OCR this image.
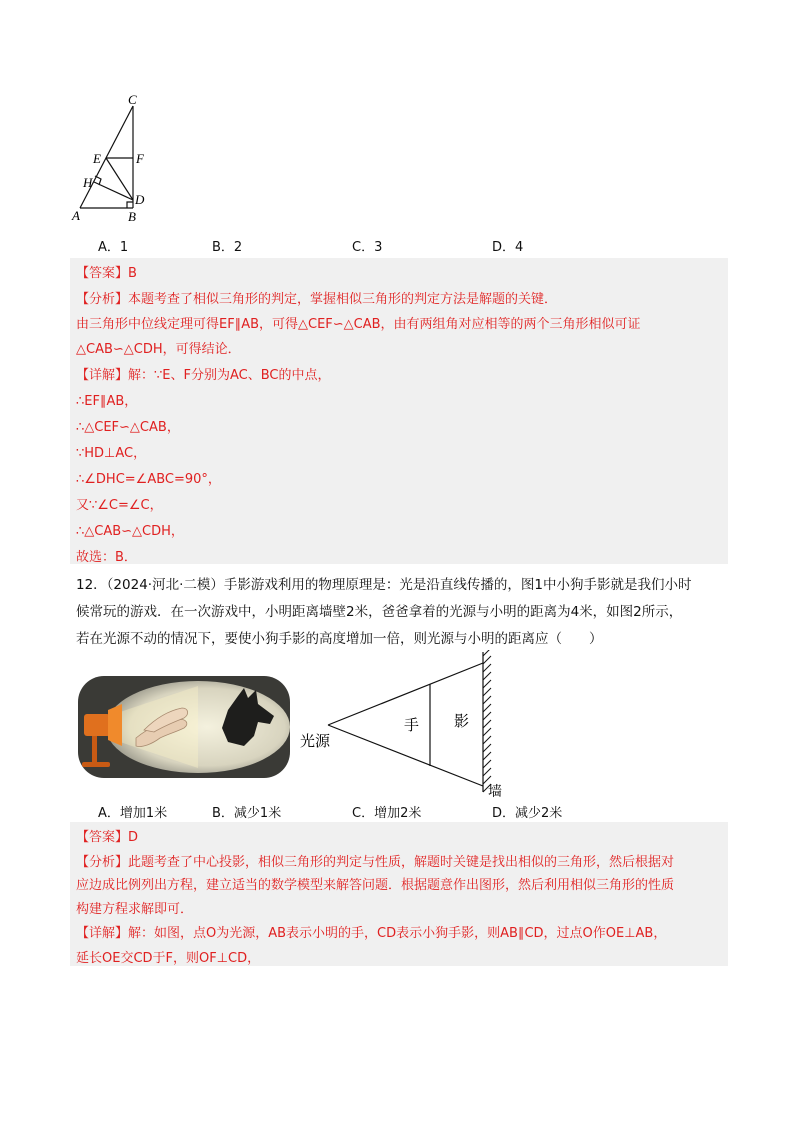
C
E	F
H
D
A	B
A．1	B．2	C．3	D．4
【答案】B
【分析】本题考查了相似三角形的判定，掌握相似三角形的判定方法是解题的关键．
由三角形中位线定理可得EF∥AB，可得△CEF∽△CAB，由有两组角对应相等的两个三角形相似可证
△CAB∽△CDH，可得结论．
【详解】解：∵E、F分别为AC、BC的中点，
∴EF∥AB，
∴△CEF∽△CAB，
∵HD⊥AC，
∴∠DHC=∠ABC=90°，
又∵∠C=∠C，
∴△CAB∽△CDH，
故选：B．
12．（2024·河北·二模）手影游戏利用的物理原理是：光是沿直线传播的，图1中小狗手影就是我们小时
候常玩的游戏．在一次游戏中，小明距离墙壁2米，爸爸拿着的光源与小明的距离为4米，如图2所示，
若在光源不动的情况下，要使小狗手影的高度增加一倍，则光源与小明的距离应（　　）
光源
手 影
墙
A．增加1米	B．减少1米	C．增加2米	D．减少2米
【答案】D
【分析】此题考查了中心投影，相似三角形的判定与性质，解题时关键是找出相似的三角形，然后根据对
应边成比例列出方程，建立适当的数学模型来解答问题．根据题意作出图形，然后利用相似三角形的性质
构建方程求解即可．
【详解】解：如图，点O为光源，AB表示小明的手，CD表示小狗手影，则AB∥CD，过点O作OE⊥AB，
延长OE交CD于F，则OF⊥CD，
